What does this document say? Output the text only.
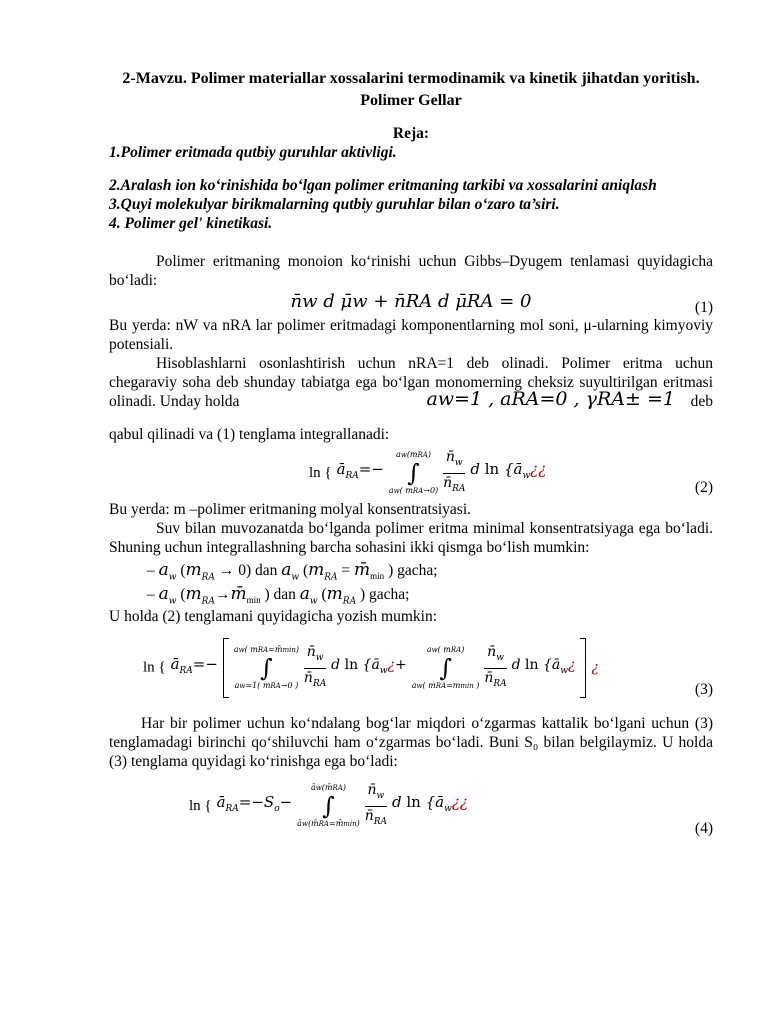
2-Mavzu. Polimer materiallar xossalarini termodinamik va kinetik jihatdan yoritish. Polimer Gellar
Reja:

1.Polimer eritmada qutbiy guruhlar aktivligi.

2.Aralash ion ko‘rinishida bo‘lgan polimer eritmaning tarkibi va xossalarini aniqlash

3.Quyi molekulyar birikmalarning qutbiy guruhlar bilan o‘zaro ta’siri.

4. Polimer gel' kinetikasi.

Polimer eritmaning monoion ko‘rinishi uchun Gibbs–Dyugem tenlamasi quyidagicha bo‘ladi:

n̄w d μ̄w + n̄RA d μ̄RA = 0	(1)

Bu yerda: nW va nRA lar polimer eritmadagi komponentlarning mol soni, μ-ularning kimyoviy potensiali.

Hisoblashlarni osonlashtirish uchun nRA=1 deb olinadi. Polimer eritma uchun chegaraviy soha deb shunday tabiatga ega bo‘lgan monomerning cheksiz suyultirilgan eritmasi olinadi. Unday holda	aw=1 , aRA=0 , γRA± =1 deb

qabul qilinadi va (1) tenglama integrallanadi:

ln { $ā_{RA}=-$
aw(mRA)
∫
aw( mRA→0)
$\frac{n̄_w}{n̄_{RA}}$ d $\ln \{ā_w¿¿$
(2)

Bu yerda: m –polimer eritmaning molyal konsentratsiyasi.

Suv bilan muvozanatda bo‘lganda polimer eritma minimal konsentratsiyaga ega bo‘ladi. Shuning uchun integrallashning barcha sohasini ikki qismga bo‘lish mumkin:

– $a_w$ $(m_{RA} \to 0)$ dan $a_w$ ($m_{RA}$ = $m̄_{min}$ ) gacha;
– $a_w$ ($m_{RA}\to m̄_{min}$ ) dan $a_w$ ($m_{RA}$ ) gacha;

U holda (2) tenglamani quyidagicha yozish mumkin:

ln { $ā_{RA}=-$
aw( mRA=m̄min)
∫
aw=1( mRA→0 )
$\frac{n̄_w}{n̄_{RA}}$ d $\ln \{ā_w¿+$
aw( mRA)
∫
aw( mRA=mmin )
$\frac{n̄_w}{n̄_{RA}}$ d $\ln \{ā_w¿$ ¿
(3)

Har bir polimer uchun ko‘ndalang bog‘lar miqdori o‘zgarmas kattalik bo‘lgani uchun (3) tenglamadagi birinchi qo‘shiluvchi ham o‘zgarmas bo‘ladi. Buni S₀ bilan belgilaymiz. U holda (3) tenglama quyidagi ko‘rinishga ega bo‘ladi:

ln { $ā_{RA}=-S_o-$
āw(m̄RA)
∫
āw(m̄RA=m̄min)
$\frac{n̄_w}{n̄_{RA}}$ d $\ln \{ā_w¿¿$
(4)
